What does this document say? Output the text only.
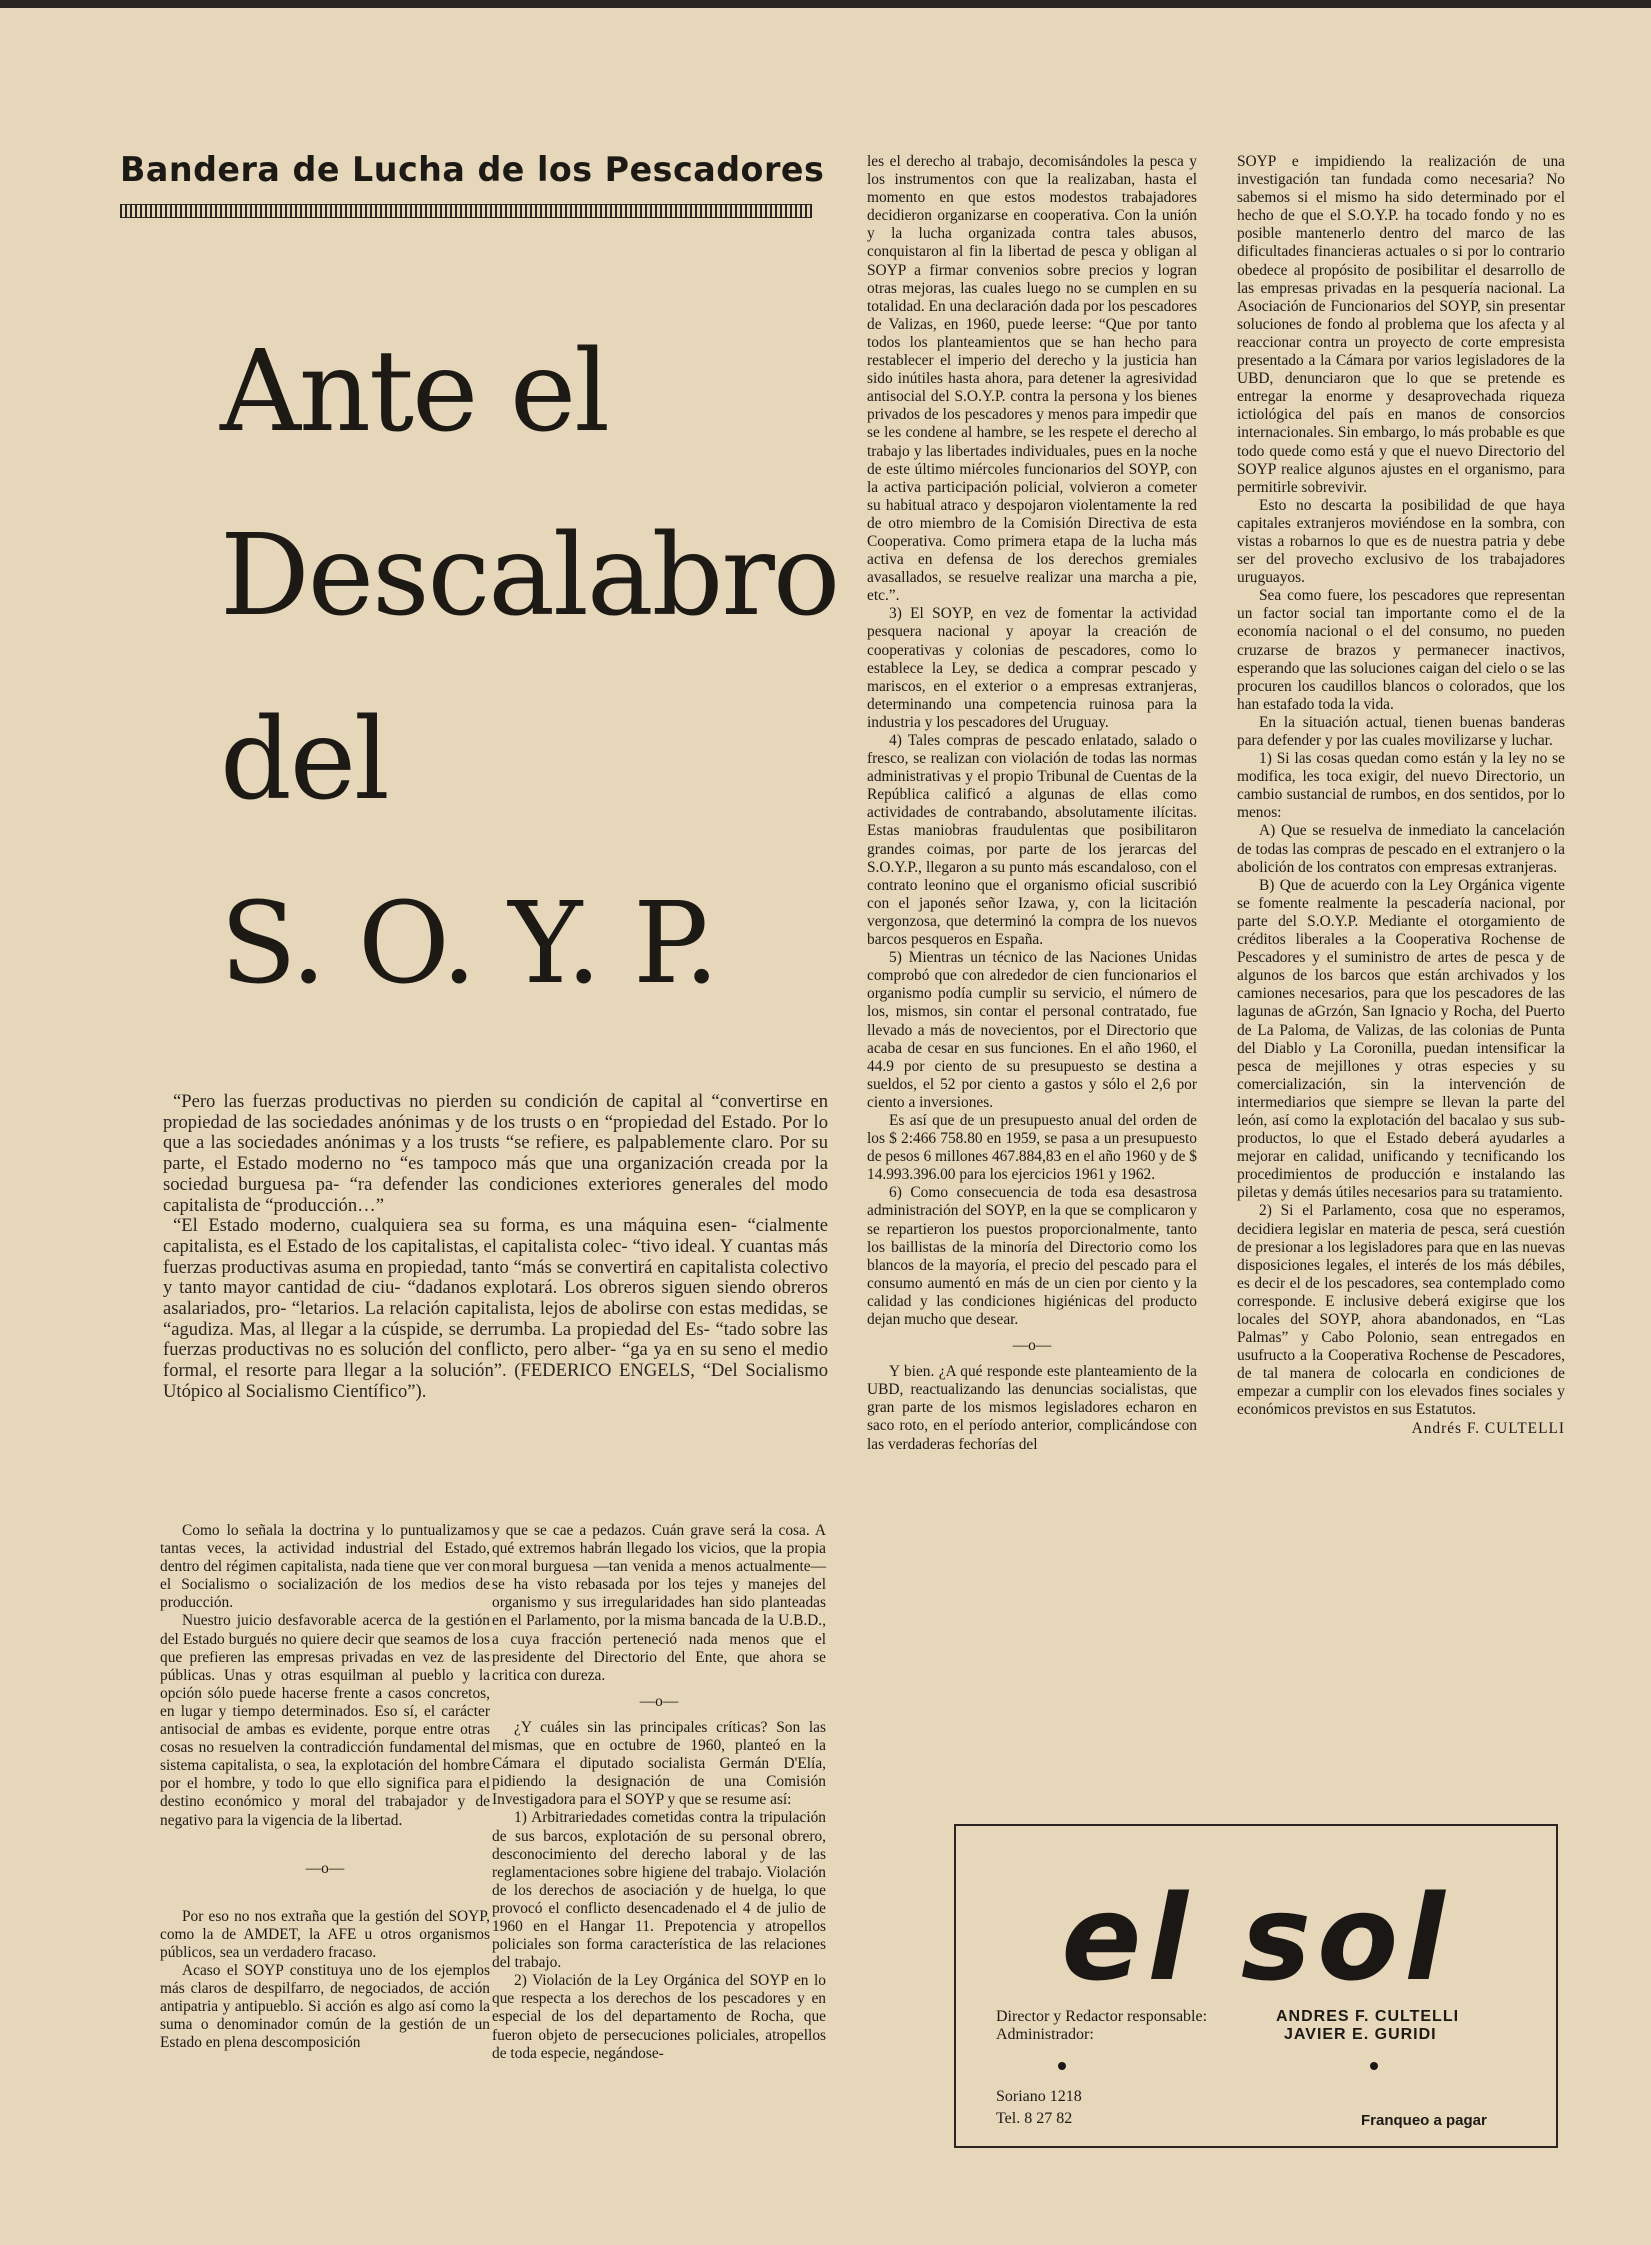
Bandera de Lucha de los Pescadores
Ante el
Descalabro
del
S. O. Y. P.

“Pero las fuerzas productivas no pierden su condición de capital al “convertirse en propiedad de las sociedades anónimas y de los trusts o en “propiedad del Estado. Por lo que a las sociedades anónimas y a los trusts “se refiere, es palpablemente claro. Por su parte, el Estado moderno no “es tampoco más que una organización creada por la sociedad burguesa pa- “ra defender las condiciones exteriores generales del modo capitalista de “producción…”

“El Estado moderno, cualquiera sea su forma, es una máquina esen- “cialmente capitalista, es el Estado de los capitalistas, el capitalista colec- “tivo ideal. Y cuantas más fuerzas productivas asuma en propiedad, tanto “más se convertirá en capitalista colectivo y tanto mayor cantidad de ciu- “dadanos explotará. Los obreros siguen siendo obreros asalariados, pro- “letarios. La relación capitalista, lejos de abolirse con estas medidas, se “agudiza. Mas, al llegar a la cúspide, se derrumba. La propiedad del Es- “tado sobre las fuerzas productivas no es solución del conflicto, pero alber- “ga ya en su seno el medio formal, el resorte para llegar a la solución”. (FEDERICO ENGELS, “Del Socialismo Utópico al Socialismo Científico”).

Como lo señala la doctrina y lo puntualizamos tantas veces, la actividad industrial del Estado, dentro del régimen capitalista, nada tiene que ver con el Socialismo o socialización de los medios de producción.

Nuestro juicio desfavorable acerca de la gestión del Estado burgués no quiere decir que seamos de los que prefieren las empresas privadas en vez de las públicas. Unas y otras esquilman al pueblo y la opción sólo puede hacerse frente a casos concretos, en lugar y tiempo determinados. Eso sí, el carácter antisocial de ambas es evidente, porque entre otras cosas no resuelven la contradicción fundamental del sistema capitalista, o sea, la explotación del hombre por el hombre, y todo lo que ello significa para el destino económico y moral del trabajador y de negativo para la vigencia de la libertad.

—o—

Por eso no nos extraña que la gestión del SOYP, como la de AMDET, la AFE u otros organismos públicos, sea un verdadero fracaso.

Acaso el SOYP constituya uno de los ejemplos más claros de despilfarro, de negociados, de acción antipatria y antipueblo. Si acción es algo así como la suma o denominador común de la gestión de un Estado en plena descomposición

y que se cae a pedazos. Cuán grave será la cosa. A qué extremos habrán llegado los vicios, que la propia moral burguesa —tan venida a menos actualmente— se ha visto rebasada por los tejes y manejes del organismo y sus irregularidades han sido planteadas en el Parlamento, por la misma bancada de la U.B.D., a cuya fracción perteneció nada menos que el presidente del Directorio del Ente, que ahora se critica con dureza.

—o—

¿Y cuáles sin las principales críticas? Son las mismas, que en octubre de 1960, planteó en la Cámara el diputado socialista Germán D'Elía, pidiendo la designación de una Comisión Investigadora para el SOYP y que se resume así:

1) Arbitrariedades cometidas contra la tripulación de sus barcos, explotación de su personal obrero, desconocimiento del derecho laboral y de las reglamentaciones sobre higiene del trabajo. Violación de los derechos de asociación y de huelga, lo que provocó el conflicto desencadenado el 4 de julio de 1960 en el Hangar 11. Prepotencia y atropellos policiales son forma característica de las relaciones del trabajo.

2) Violación de la Ley Orgánica del SOYP en lo que respecta a los derechos de los pescadores y en especial de los del departamento de Rocha, que fueron objeto de persecuciones policiales, atropellos de toda especie, negándose-

les el derecho al trabajo, decomisándoles la pesca y los instrumentos con que la realizaban, hasta el momento en que estos modestos trabajadores decidieron organizarse en cooperativa. Con la unión y la lucha organizada contra tales abusos, conquistaron al fin la libertad de pesca y obligan al SOYP a firmar convenios sobre precios y logran otras mejoras, las cuales luego no se cumplen en su totalidad. En una declaración dada por los pescadores de Valizas, en 1960, puede leerse: “Que por tanto todos los planteamientos que se han hecho para restablecer el imperio del derecho y la justicia han sido inútiles hasta ahora, para detener la agresividad antisocial del S.O.Y.P. contra la persona y los bienes privados de los pescadores y menos para impedir que se les condene al hambre, se les respete el derecho al trabajo y las libertades individuales, pues en la noche de este último miércoles funcionarios del SOYP, con la activa participación policial, volvieron a cometer su habitual atraco y despojaron violentamente la red de otro miembro de la Comisión Directiva de esta Cooperativa. Como primera etapa de la lucha más activa en defensa de los derechos gremiales avasallados, se resuelve realizar una marcha a pie, etc.”.

3) El SOYP, en vez de fomentar la actividad pesquera nacional y apoyar la creación de cooperativas y colonias de pescadores, como lo establece la Ley, se dedica a comprar pescado y mariscos, en el exterior o a empresas extranjeras, determinando una competencia ruinosa para la industria y los pescadores del Uruguay.

4) Tales compras de pescado enlatado, salado o fresco, se realizan con violación de todas las normas administrativas y el propio Tribunal de Cuentas de la República calificó a algunas de ellas como actividades de contrabando, absolutamente ilícitas. Estas maniobras fraudulentas que posibilitaron grandes coimas, por parte de los jerarcas del S.O.Y.P., llegaron a su punto más escandaloso, con el contrato leonino que el organismo oficial suscribió con el japonés señor Izawa, y, con la licitación vergonzosa, que determinó la compra de los nuevos barcos pesqueros en España.

5) Mientras un técnico de las Naciones Unidas comprobó que con alrededor de cien funcionarios el organismo podía cumplir su servicio, el número de los, mismos, sin contar el personal contratado, fue llevado a más de novecientos, por el Directorio que acaba de cesar en sus funciones. En el año 1960, el 44.9 por ciento de su presupuesto se destina a sueldos, el 52 por ciento a gastos y sólo el 2,6 por ciento a inversiones.

Es así que de un presupuesto anual del orden de los $ 2:466 758.80 en 1959, se pasa a un presupuesto de pesos 6 millones 467.884,83 en el año 1960 y de $ 14.993.396.00 para los ejercicios 1961 y 1962.

6) Como consecuencia de toda esa desastrosa administración del SOYP, en la que se complicaron y se repartieron los puestos proporcionalmente, tanto los baillistas de la minoría del Directorio como los blancos de la mayoría, el precio del pescado para el consumo aumentó en más de un cien por ciento y la calidad y las condiciones higiénicas del producto dejan mucho que desear.

—o—

Y bien. ¿A qué responde este planteamiento de la UBD, reactualizando las denuncias socialistas, que gran parte de los mismos legisladores echaron en saco roto, en el período anterior, complicándose con las verdaderas fechorías del

SOYP e impidiendo la realización de una investigación tan fundada como necesaria? No sabemos si el mismo ha sido determinado por el hecho de que el S.O.Y.P. ha tocado fondo y no es posible mantenerlo dentro del marco de las dificultades financieras actuales o si por lo contrario obedece al propósito de posibilitar el desarrollo de las empresas privadas en la pesquería nacional. La Asociación de Funcionarios del SOYP, sin presentar soluciones de fondo al problema que los afecta y al reaccionar contra un proyecto de corte empresista presentado a la Cámara por varios legisladores de la UBD, denunciaron que lo que se pretende es entregar la enorme y desaprovechada riqueza ictiológica del país en manos de consorcios internacionales. Sin embargo, lo más probable es que todo quede como está y que el nuevo Directorio del SOYP realice algunos ajustes en el organismo, para permitirle sobrevivir.

Esto no descarta la posibilidad de que haya capitales extranjeros moviéndose en la sombra, con vistas a robarnos lo que es de nuestra patria y debe ser del provecho exclusivo de los trabajadores uruguayos.

Sea como fuere, los pescadores que representan un factor social tan importante como el de la economía nacional o el del consumo, no pueden cruzarse de brazos y permanecer inactivos, esperando que las soluciones caigan del cielo o se las procuren los caudillos blancos o colorados, que los han estafado toda la vida.

En la situación actual, tienen buenas banderas para defender y por las cuales movilizarse y luchar.

1) Si las cosas quedan como están y la ley no se modifica, les toca exigir, del nuevo Directorio, un cambio sustancial de rumbos, en dos sentidos, por lo menos:

A) Que se resuelva de inmediato la cancelación de todas las compras de pescado en el extranjero o la abolición de los contratos con empresas extranjeras.

B) Que de acuerdo con la Ley Orgánica vigente se fomente realmente la pescadería nacional, por parte del S.O.Y.P. Mediante el otorgamiento de créditos liberales a la Cooperativa Rochense de Pescadores y el suministro de artes de pesca y de algunos de los barcos que están archivados y los camiones necesarios, para que los pescadores de las lagunas de aGrzón, San Ignacio y Rocha, del Puerto de La Paloma, de Valizas, de las colonias de Punta del Diablo y La Coronilla, puedan intensificar la pesca de mejillones y otras especies y su comercialización, sin la intervención de intermediarios que siempre se llevan la parte del león, así como la explotación del bacalao y sus sub-productos, lo que el Estado deberá ayudarles a mejorar en calidad, unificando y tecnificando los procedimientos de producción e instalando las piletas y demás útiles necesarios para su tratamiento.

2) Si el Parlamento, cosa que no esperamos, decidiera legislar en materia de pesca, será cuestión de presionar a los legisladores para que en las nuevas disposiciones legales, el interés de los más débiles, es decir el de los pescadores, sea contemplado como corresponde. E inclusive deberá exigirse que los locales del SOYP, ahora abandonados, en “Las Palmas” y Cabo Polonio, sean entregados en usufructo a la Cooperativa Rochense de Pescadores, de tal manera de colocarla en condiciones de empezar a cumplir con los elevados fines sociales y económicos previstos en sus Estatutos.

Andrés F. CULTELLI

el sol
Director y Redactor responsable:	ANDRES F. CULTELLI
Administrador:	JAVIER E. GURIDI
Soriano 1218
Tel. 8 27 82	Franqueo a pagar
